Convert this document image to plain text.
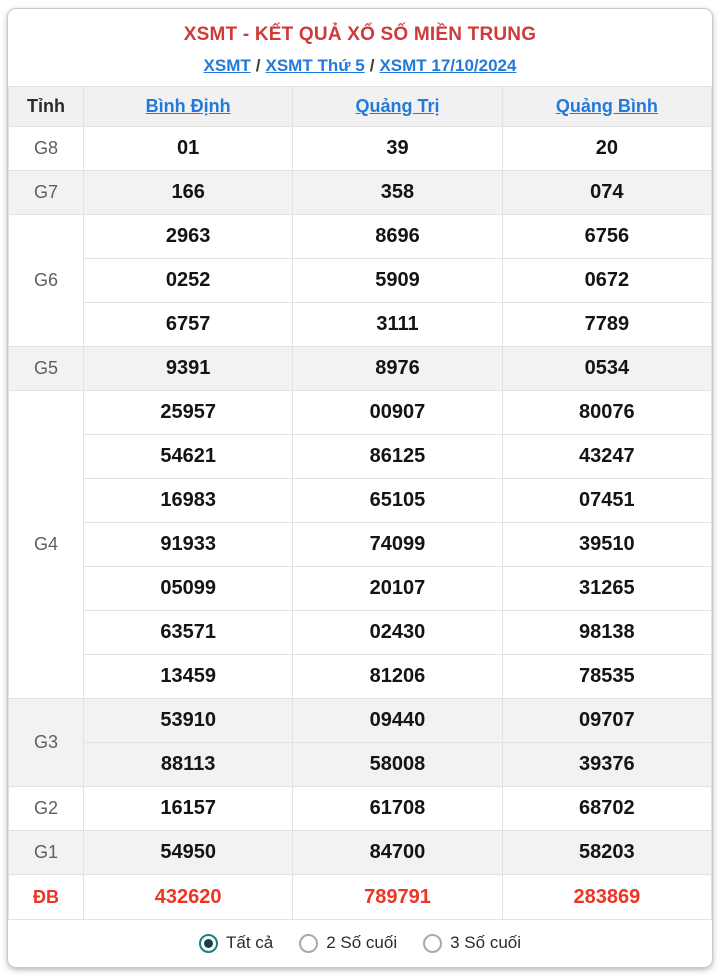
XSMT - KẾT QUẢ XỔ SỐ MIỀN TRUNG
XSMT / XSMT Thứ 5 / XSMT 17/10/2024
Tỉnh	Bình Định	Quảng Trị	Quảng Bình
G8	01	39	20
G7	166	358	074
G6	2963	8696	6756
	0252	5909	0672
	6757	3111	7789
G5	9391	8976	0534
G4	25957	00907	80076
	54621	86125	43247
	16983	65105	07451
	91933	74099	39510
	05099	20107	31265
	63571	02430	98138
	13459	81206	78535
G3	53910	09440	09707
	88113	58008	39376
G2	16157	61708	68702
G1	54950	84700	58203
ĐB	432620	789791	283869
Tất cả	2 Số cuối	3 Số cuối
